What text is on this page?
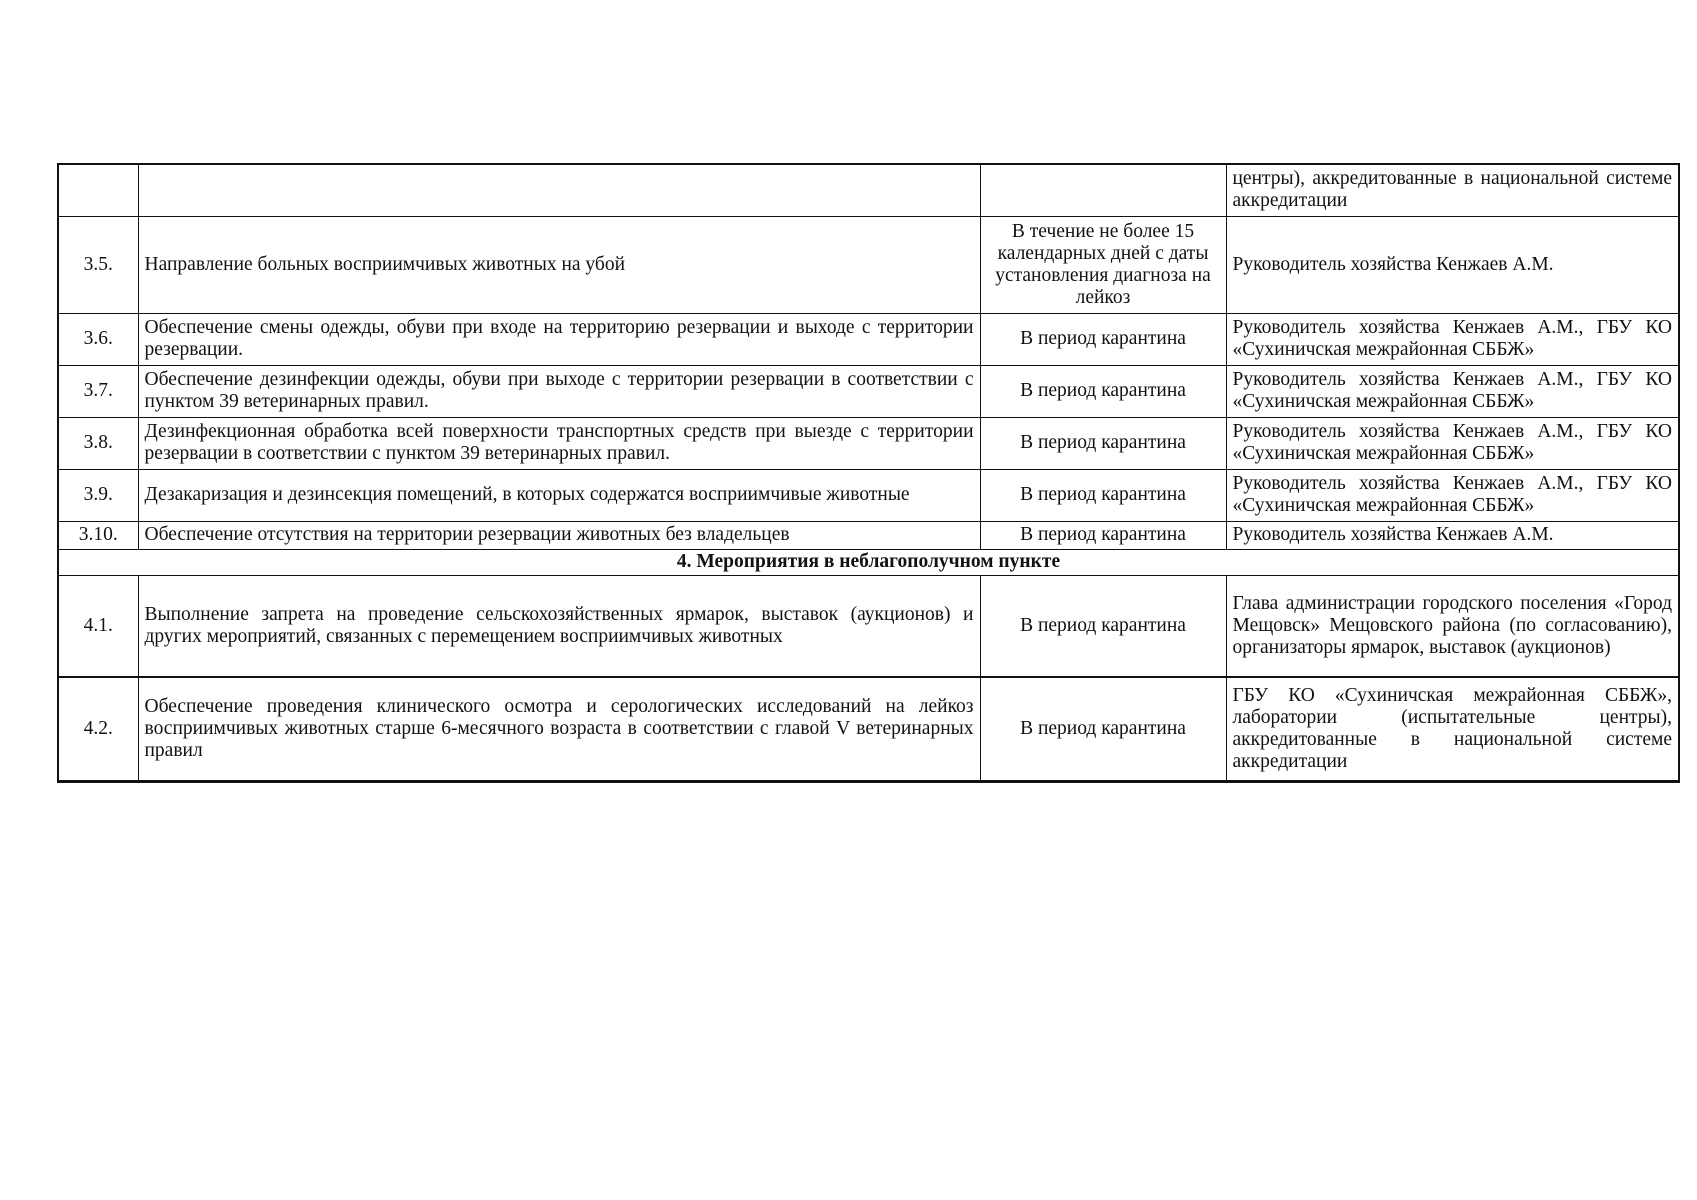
			центры), аккредитованные в национальной системе аккредитации
3.5.	Направление больных восприимчивых животных на убой	В течение не более 15 календарных дней с даты установления диагноза на лейкоз	Руководитель хозяйства Кенжаев А.М.
3.6.	Обеспечение смены одежды, обуви при входе на территорию резервации и выходе с территории резервации.	В период карантина	Руководитель хозяйства Кенжаев А.М., ГБУ КО «Сухиничская межрайонная СББЖ»
3.7.	Обеспечение дезинфекции одежды, обуви при выходе с территории резервации в соответствии с пунктом 39 ветеринарных правил.	В период карантина	Руководитель хозяйства Кенжаев А.М., ГБУ КО «Сухиничская межрайонная СББЖ»
3.8.	Дезинфекционная обработка всей поверхности транспортных средств при выезде с территории резервации в соответствии с пунктом 39 ветеринарных правил.	В период карантина	Руководитель хозяйства Кенжаев А.М., ГБУ КО «Сухиничская межрайонная СББЖ»
3.9.	Дезакаризация и дезинсекция помещений, в которых содержатся восприимчивые животные	В период карантина	Руководитель хозяйства Кенжаев А.М., ГБУ КО «Сухиничская межрайонная СББЖ»
3.10.	Обеспечение отсутствия на территории резервации животных без владельцев	В период карантина	Руководитель хозяйства Кенжаев А.М.
4. Мероприятия в неблагополучном пункте			
4.1.	Выполнение запрета на проведение сельскохозяйственных ярмарок, выставок (аукционов) и других мероприятий, связанных с перемещением восприимчивых животных	В период карантина	Глава администрации городского поселения «Город Мещовск» Мещовского района (по согласованию), организаторы ярмарок, выставок (аукционов)
4.2.	Обеспечение проведения клинического осмотра и серологических исследований на лейкоз восприимчивых животных старше 6-месячного возраста в соответствии с главой V ветеринарных правил	В период карантина	ГБУ КО «Сухиничская межрайонная СББЖ», лаборатории (испытательные центры), аккредитованные в национальной системе аккредитации
